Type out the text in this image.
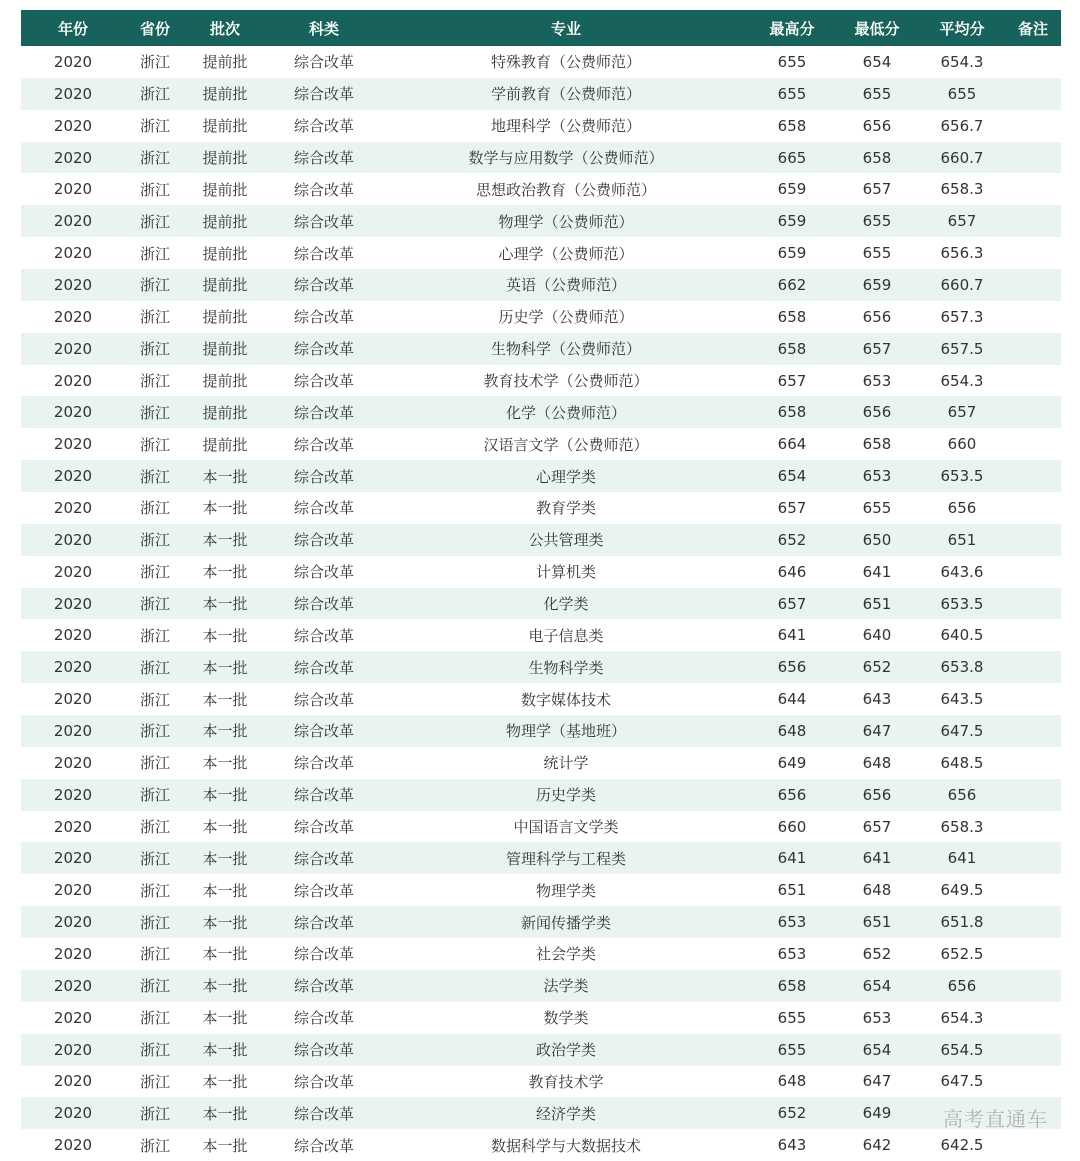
年份	省份	批次	科类	专业	最高分	最低分	平均分	备注
2020	浙江	提前批	综合改革	特殊教育（公费师范）	655	654	654.3	
2020	浙江	提前批	综合改革	学前教育（公费师范）	655	655	655	
2020	浙江	提前批	综合改革	地理科学（公费师范）	658	656	656.7	
2020	浙江	提前批	综合改革	数学与应用数学（公费师范）	665	658	660.7	
2020	浙江	提前批	综合改革	思想政治教育（公费师范）	659	657	658.3	
2020	浙江	提前批	综合改革	物理学（公费师范）	659	655	657	
2020	浙江	提前批	综合改革	心理学（公费师范）	659	655	656.3	
2020	浙江	提前批	综合改革	英语（公费师范）	662	659	660.7	
2020	浙江	提前批	综合改革	历史学（公费师范）	658	656	657.3	
2020	浙江	提前批	综合改革	生物科学（公费师范）	658	657	657.5	
2020	浙江	提前批	综合改革	教育技术学（公费师范）	657	653	654.3	
2020	浙江	提前批	综合改革	化学（公费师范）	658	656	657	
2020	浙江	提前批	综合改革	汉语言文学（公费师范）	664	658	660	
2020	浙江	本一批	综合改革	心理学类	654	653	653.5	
2020	浙江	本一批	综合改革	教育学类	657	655	656	
2020	浙江	本一批	综合改革	公共管理类	652	650	651	
2020	浙江	本一批	综合改革	计算机类	646	641	643.6	
2020	浙江	本一批	综合改革	化学类	657	651	653.5	
2020	浙江	本一批	综合改革	电子信息类	641	640	640.5	
2020	浙江	本一批	综合改革	生物科学类	656	652	653.8	
2020	浙江	本一批	综合改革	数字媒体技术	644	643	643.5	
2020	浙江	本一批	综合改革	物理学（基地班）	648	647	647.5	
2020	浙江	本一批	综合改革	统计学	649	648	648.5	
2020	浙江	本一批	综合改革	历史学类	656	656	656	
2020	浙江	本一批	综合改革	中国语言文学类	660	657	658.3	
2020	浙江	本一批	综合改革	管理科学与工程类	641	641	641	
2020	浙江	本一批	综合改革	物理学类	651	648	649.5	
2020	浙江	本一批	综合改革	新闻传播学类	653	651	651.8	
2020	浙江	本一批	综合改革	社会学类	653	652	652.5	
2020	浙江	本一批	综合改革	法学类	658	654	656	
2020	浙江	本一批	综合改革	数学类	655	653	654.3	
2020	浙江	本一批	综合改革	政治学类	655	654	654.5	
2020	浙江	本一批	综合改革	教育技术学	648	647	647.5	
2020	浙江	本一批	综合改革	经济学类	652	649		
2020	浙江	本一批	综合改革	数据科学与大数据技术	643	642	642.5	
高考直通车
